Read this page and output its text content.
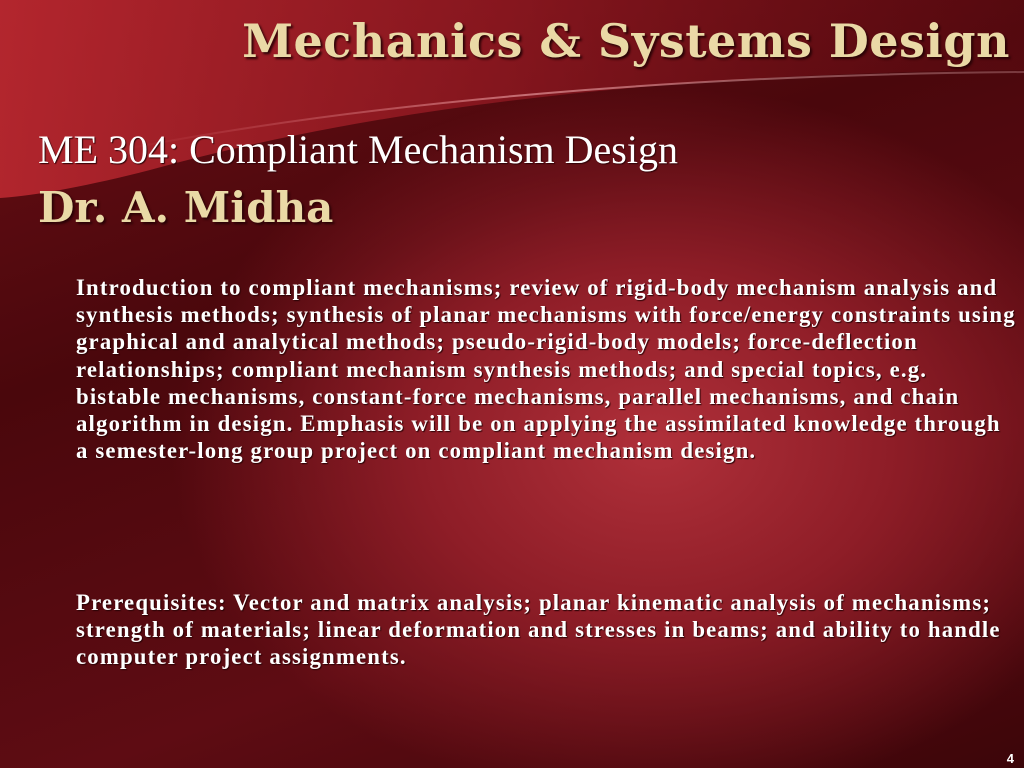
Mechanics & Systems Design
ME 304: Compliant Mechanism Design
Dr. A. Midha

Introduction to compliant mechanisms; review of rigid-body mechanism analysis and synthesis methods; synthesis of planar mechanisms with force/energy constraints using graphical and analytical methods; pseudo-rigid-body models; force-deflection relationships; compliant mechanism synthesis methods; and special topics, e.g. bistable mechanisms, constant-force mechanisms, parallel mechanisms, and chain algorithm in design. Emphasis will be on applying the assimilated knowledge through a semester-long group project on compliant mechanism design.

Prerequisites: Vector and matrix analysis; planar kinematic analysis of mechanisms; strength of materials; linear deformation and stresses in beams; and ability to handle computer project assignments.

4
